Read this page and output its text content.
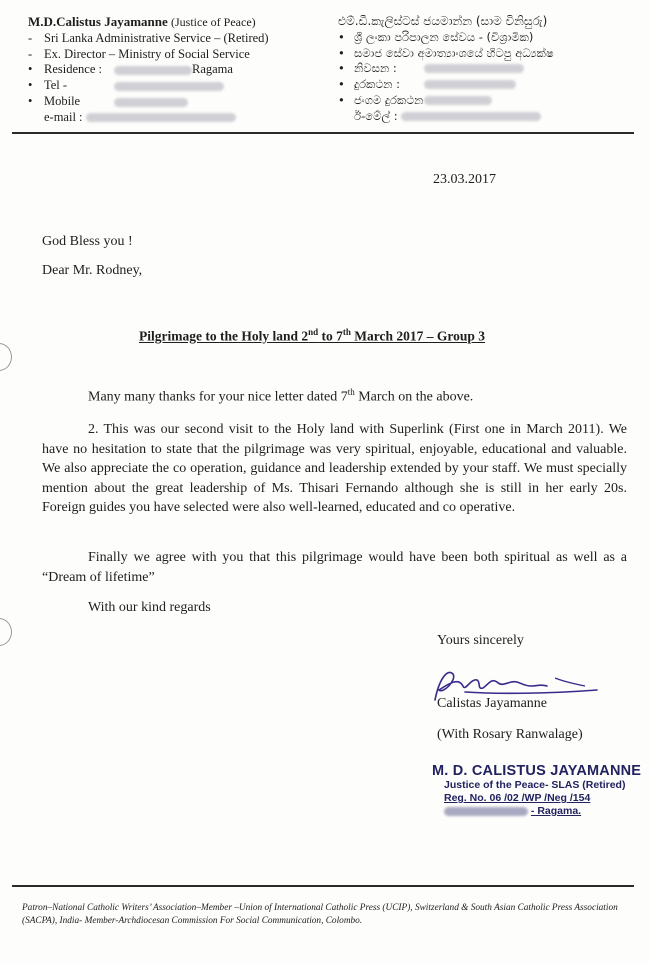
M.D.Calistus Jayamanne (Justice of Peace)
- Sri Lanka Administrative Service – (Retired)
- Ex. Director – Ministry of Social Service
• Residence :	Ragama
• Tel -
• Mobile
e-mail :
එම්.ඩී.කැලිස්ටස් ජයමාන්න (සාම විනිසුරු)
• ශ්‍රී ලංකා පරිපාලන සේවය - (විශ්‍රාමික)
• සමාජ සේවා අමාත්‍යාංශයේ හිටපු අධ්‍යක්ෂ
• නිවසන :
• දුරකථන :
• ජංගම දුරකථන
ඊ-මේල් :
23.03.2017
God Bless you !
Dear Mr. Rodney,
Pilgrimage to the Holy land 2nd to 7th March 2017 – Group 3
Many many thanks for your nice letter dated 7th March on the above.
2. This was our second visit to the Holy land with Superlink (First one in March 2011). We have no hesitation to state that the pilgrimage was very spiritual, enjoyable, educational and valuable. We also appreciate the co operation, guidance and leadership extended by your staff. We must specially mention about the great leadership of Ms. Thisari Fernando although she is still in her early 20s. Foreign guides you have selected were also well-learned, educated and co operative.
Finally we agree with you that this pilgrimage would have been both spiritual as well as a “Dream of lifetime”
With our kind regards
Yours sincerely
Calistas Jayamanne
(With Rosary Ranwalage)
M. D. CALISTUS JAYAMANNE
Justice of the Peace- SLAS (Retired)
Reg. No. 06 /02 /WP /Neg /154
- Ragama.
Patron–National Catholic Writers’ Association–Member –Union of International Catholic Press (UCIP), Switzerland & South Asian Catholic Press Association (SACPA), India- Member-Archdiocesan Commission For Social Communication, Colombo.
